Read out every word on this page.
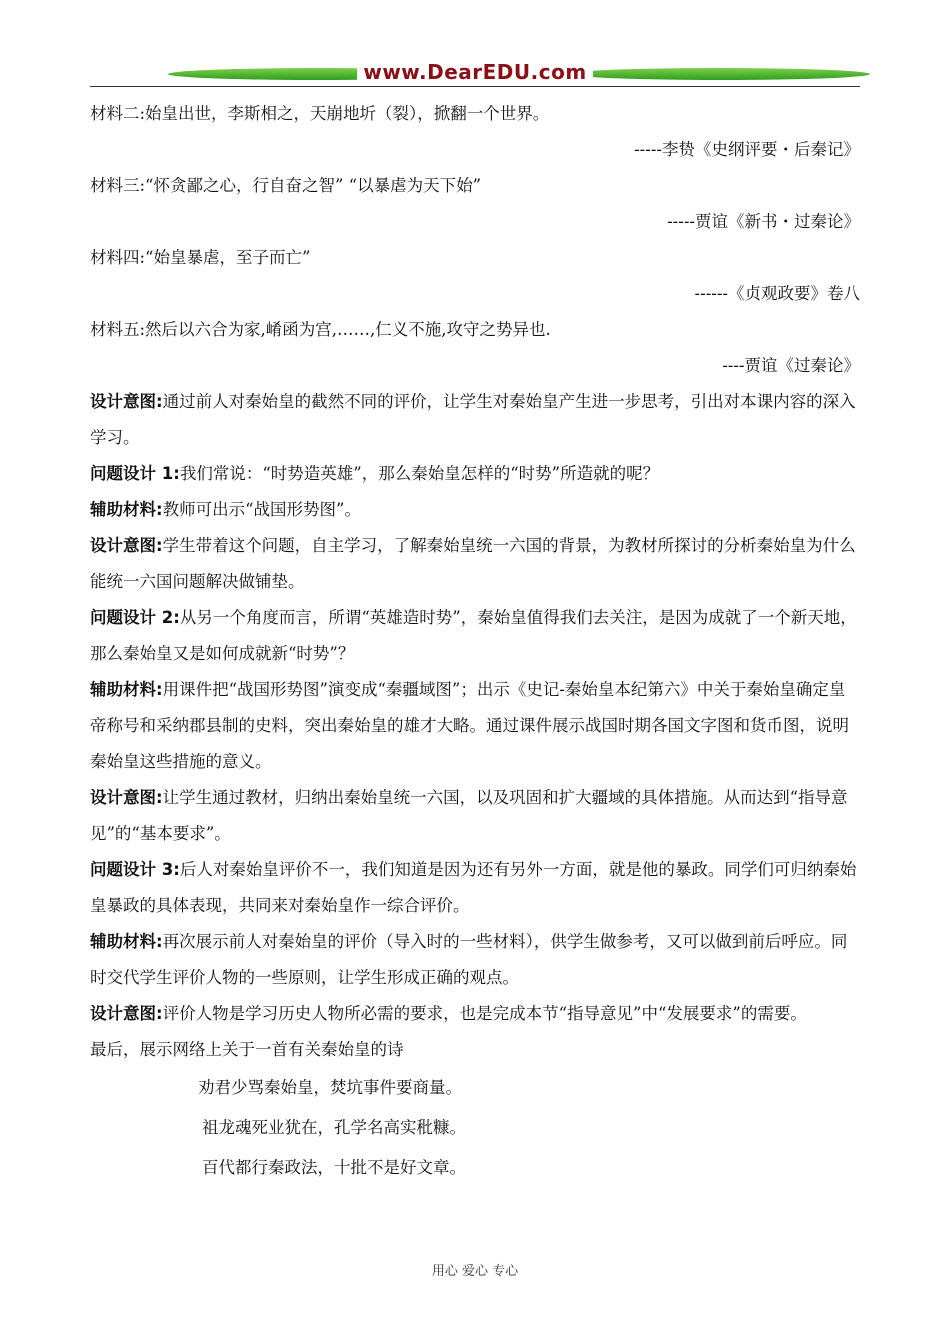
www.DearEDU.com
材料二:始皇出世，李斯相之，天崩地圻（裂），掀翻一个世界。
-----李贽《史纲评要・后秦记》
材料三:“怀贪鄙之心，行自奋之智” “以暴虐为天下始”
-----贾谊《新书・过秦论》
材料四:“始皇暴虐，至子而亡”
------《贞观政要》卷八
材料五:然后以六合为家,崤函为宫,……,仁义不施,攻守之势异也.
----贾谊《过秦论》
设计意图:通过前人对秦始皇的截然不同的评价，让学生对秦始皇产生进一步思考，引出对本课内容的深入学习。
问题设计 1:我们常说：“时势造英雄”，那么秦始皇怎样的“时势”所造就的呢？
辅助材料:教师可出示“战国形势图”。
设计意图:学生带着这个问题，自主学习，了解秦始皇统一六国的背景，为教材所探讨的分析秦始皇为什么能统一六国问题解决做铺垫。
问题设计 2:从另一个角度而言，所谓“英雄造时势”，秦始皇值得我们去关注，是因为成就了一个新天地，那么秦始皇又是如何成就新“时势”？
辅助材料:用课件把“战国形势图”演变成“秦疆域图”；出示《史记-秦始皇本纪第六》中关于秦始皇确定皇帝称号和采纳郡县制的史料，突出秦始皇的雄才大略。通过课件展示战国时期各国文字图和货币图，说明秦始皇这些措施的意义。
设计意图:让学生通过教材，归纳出秦始皇统一六国，以及巩固和扩大疆域的具体措施。从而达到“指导意见”的“基本要求”。
问题设计 3:后人对秦始皇评价不一，我们知道是因为还有另外一方面，就是他的暴政。同学们可归纳秦始皇暴政的具体表现，共同来对秦始皇作一综合评价。
辅助材料:再次展示前人对秦始皇的评价（导入时的一些材料），供学生做参考，又可以做到前后呼应。同时交代学生评价人物的一些原则，让学生形成正确的观点。
设计意图:评价人物是学习历史人物所必需的要求，也是完成本节“指导意见”中“发展要求”的需要。
最后，展示网络上关于一首有关秦始皇的诗
劝君少骂秦始皇，焚坑事件要商量。
祖龙魂死业犹在，孔学名高实秕糠。
百代都行秦政法，十批不是好文章。
用心 爱心 专心
